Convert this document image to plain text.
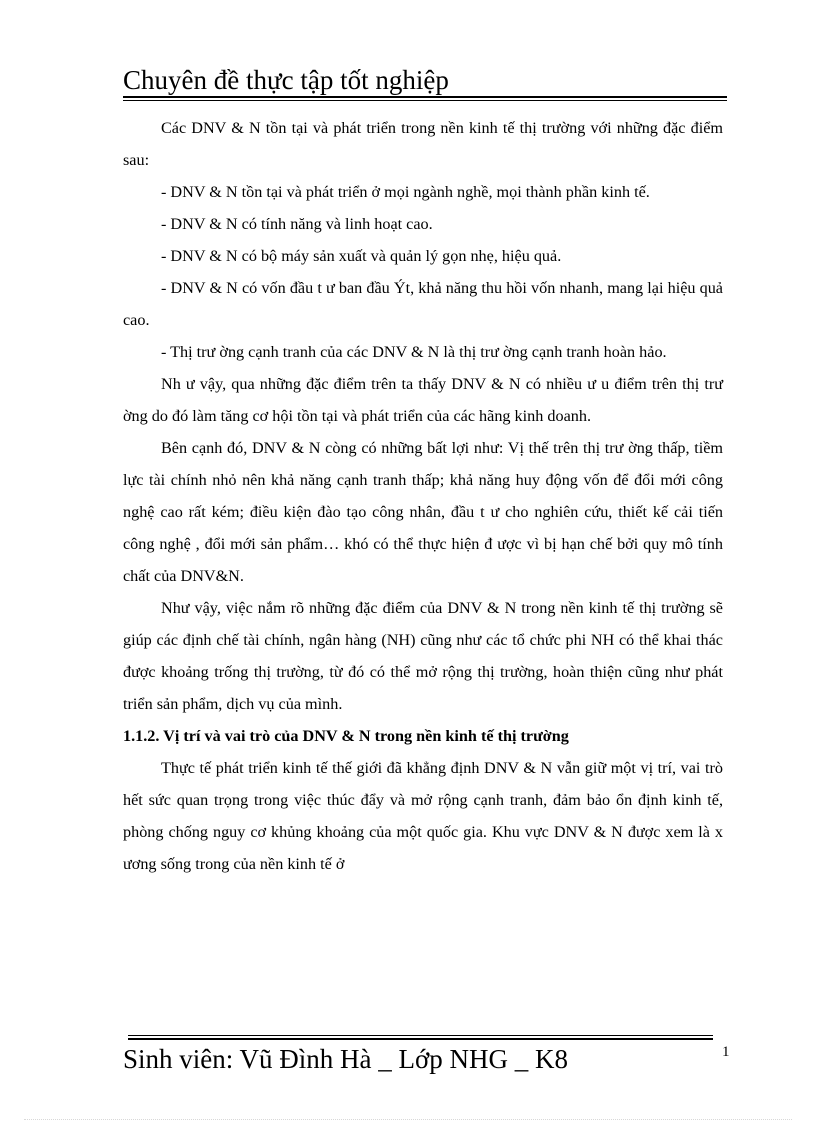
Chuyên đề thực tập tốt nghiệp

Các DNV & N tồn tại và phát triển trong nền kinh tế thị trường với những đặc điểm sau:

- DNV & N tồn tại và phát triển ở mọi ngành nghề, mọi thành phần kinh tế.

- DNV & N có tính năng và linh hoạt cao.

- DNV & N có bộ máy sản xuất và quản lý gọn nhẹ, hiệu quả.

- DNV & N có vốn đầu t ư ban đầu Ýt, khả năng thu hồi vốn nhanh, mang lại hiệu quả cao.

- Thị trư ờng cạnh tranh của các DNV & N là thị trư ờng cạnh tranh hoàn hảo.

Nh ư vậy, qua những đặc điểm trên ta thấy DNV & N có nhiều ư u điểm trên thị trư ờng do đó làm tăng cơ hội tồn tại và phát triển của các hãng kinh doanh.

Bên cạnh đó, DNV & N còng có những bất lợi như: Vị thế trên thị trư ờng thấp, tiềm lực tài chính nhỏ nên khả năng cạnh tranh thấp; khả năng huy động vốn để đổi mới công nghệ cao rất kém; điều kiện đào tạo công nhân, đầu t ư cho nghiên cứu, thiết kế cải tiến công nghệ , đổi mới sản phẩm… khó có thể thực hiện đ ược vì bị hạn chế bởi quy mô tính chất của DNV&N.

Như vậy, việc nắm rõ những đặc điểm của DNV & N trong nền kinh tế thị trường sẽ giúp các định chế tài chính, ngân hàng (NH) cũng như các tổ chức phi NH có thể khai thác được khoảng trống thị trường, từ đó có thể mở rộng thị trường, hoàn thiện cũng như phát triển sản phẩm, dịch vụ của mình.

1.1.2. Vị trí và vai trò của DNV & N trong nền kinh tế thị trường

Thực tế phát triển kinh tế thế giới đã khẳng định DNV & N vẫn giữ một vị trí, vai trò hết sức quan trọng trong việc thúc đẩy và mở rộng cạnh tranh, đảm bảo ổn định kinh tế, phòng chống nguy cơ khủng khoảng của một quốc gia. Khu vực DNV & N được xem là x ương sống trong của nền kinh tế ở

Sinh viên: Vũ Đình Hà _ Lớp NHG _ K8	1
